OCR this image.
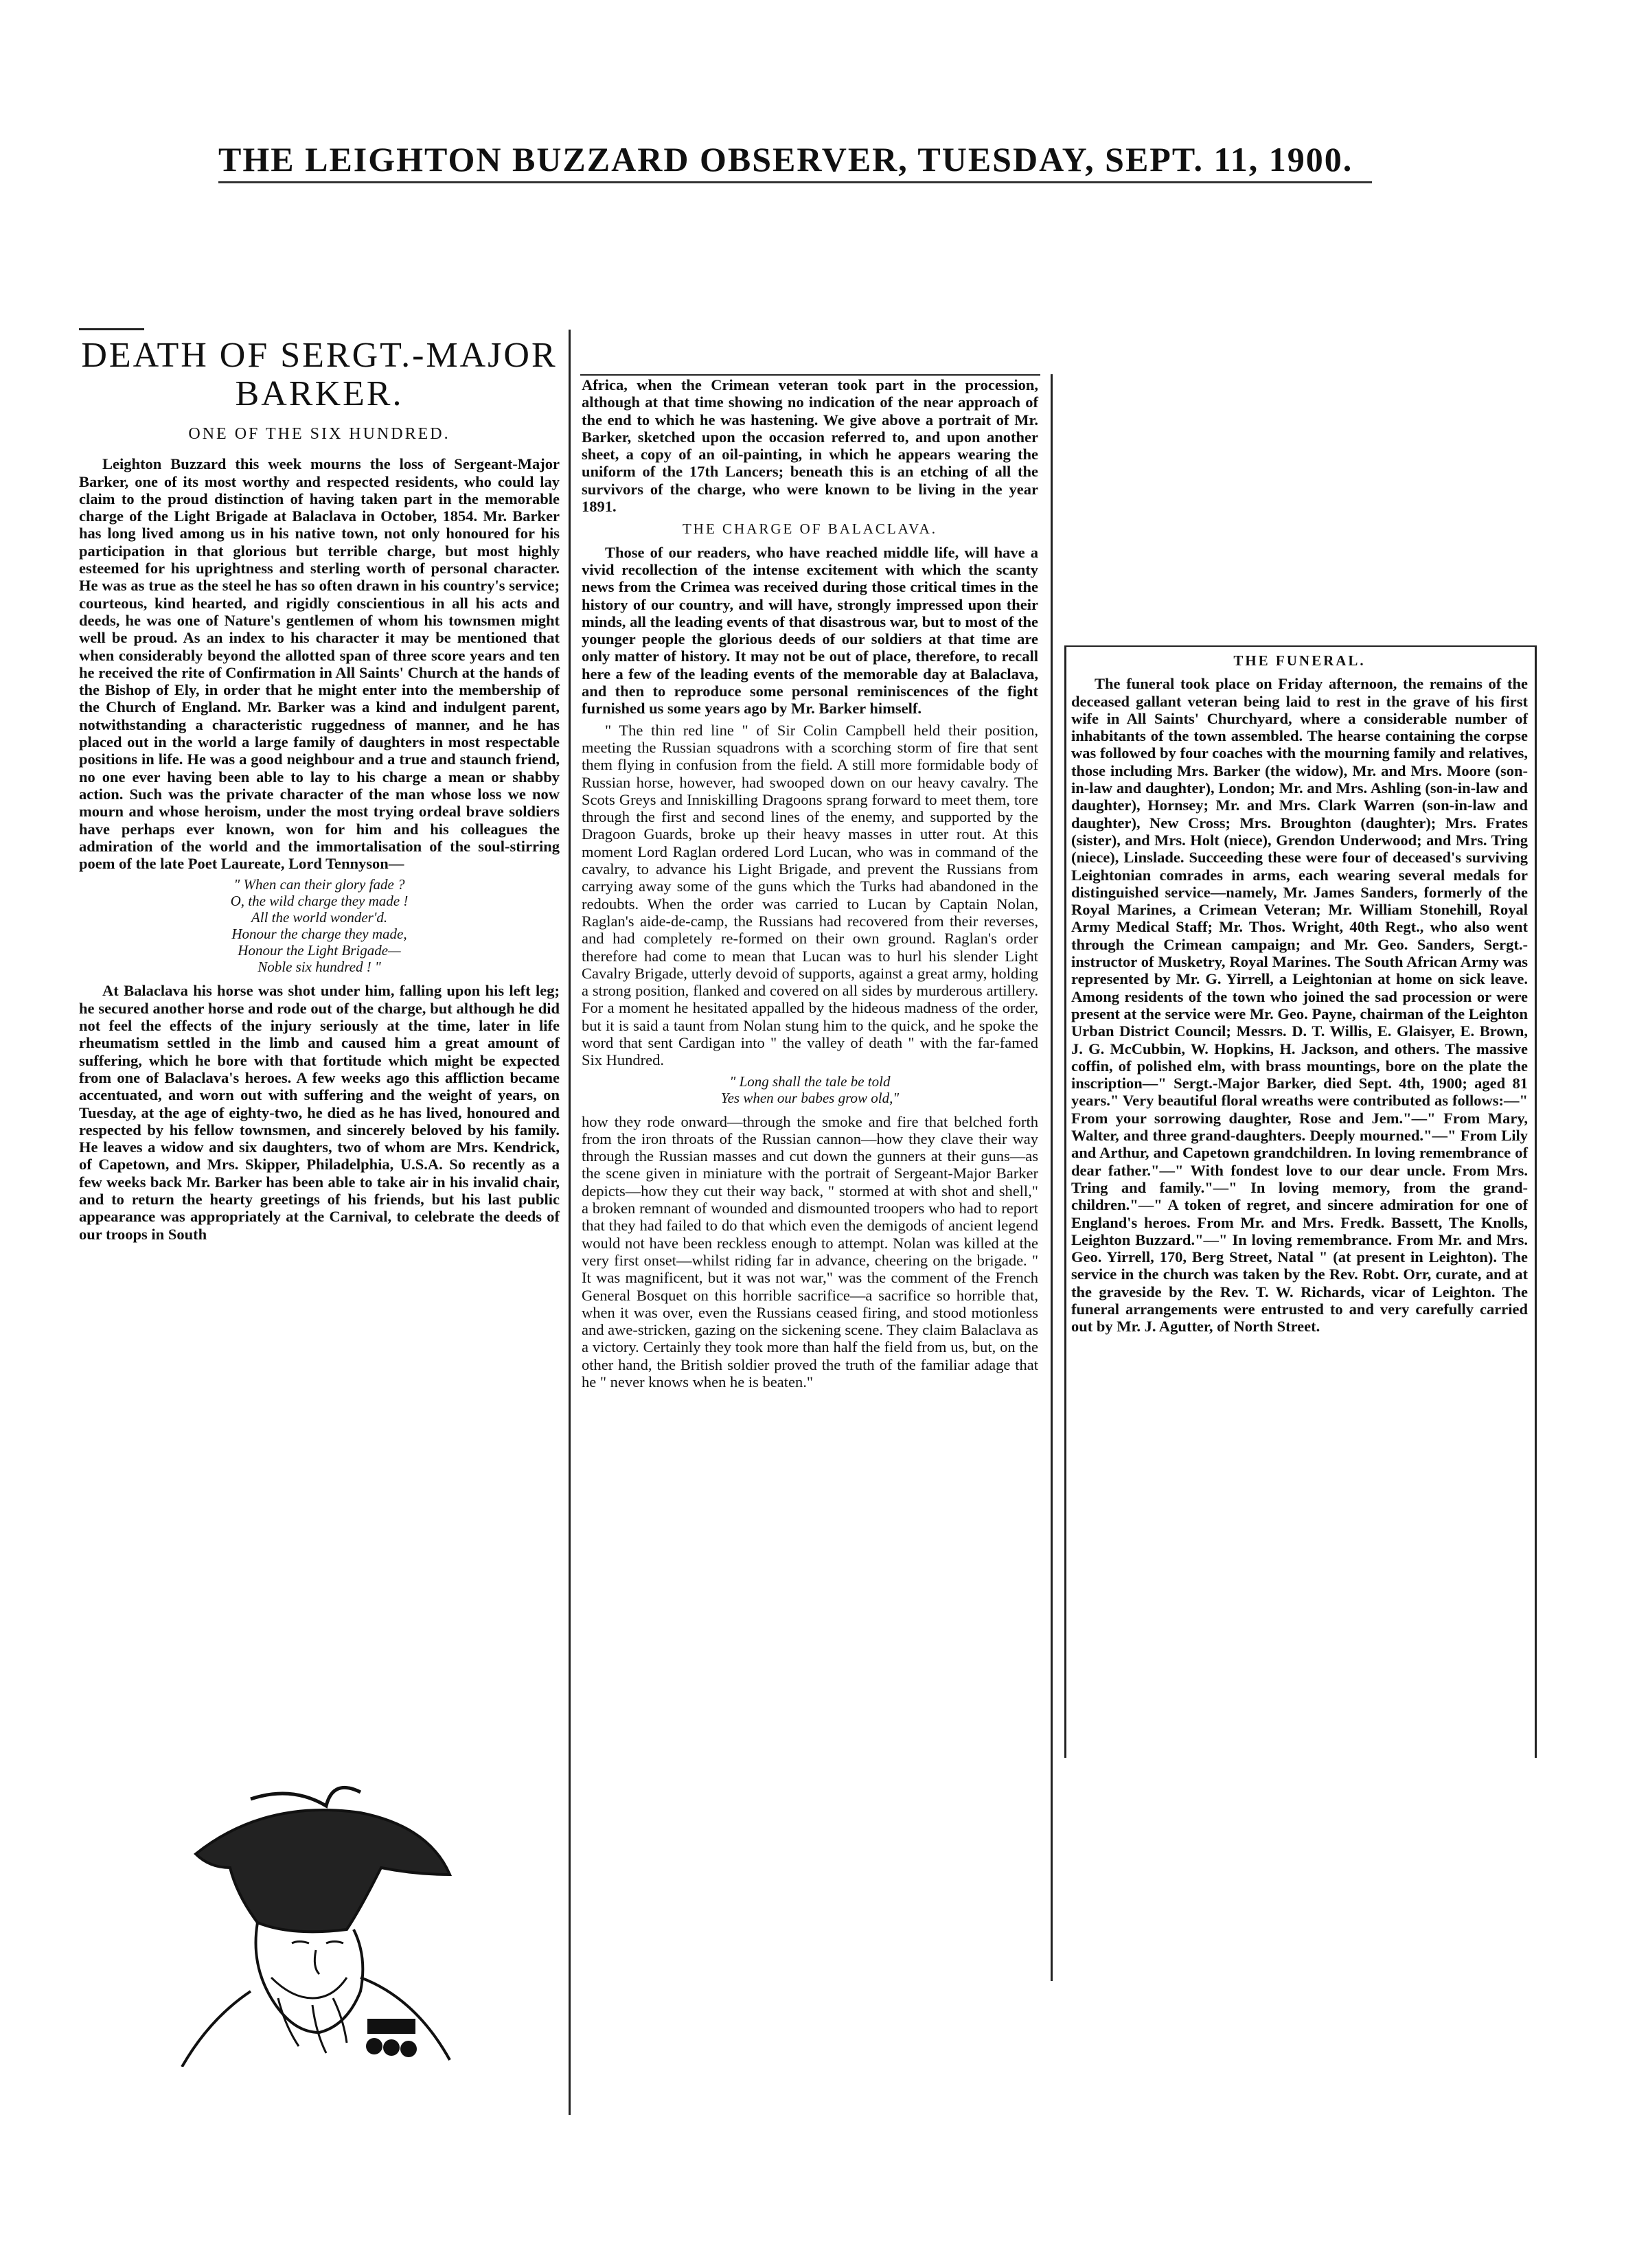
THE LEIGHTON BUZZARD OBSERVER, TUESDAY, SEPT. 11, 1900.
DEATH OF SERGT.-MAJOR
BARKER.
ONE OF THE SIX HUNDRED.

Leighton Buzzard this week mourns the loss of Sergeant-Major Barker, one of its most worthy and respected residents, who could lay claim to the proud distinction of having taken part in the memorable charge of the Light Brigade at Balaclava in October, 1854. Mr. Barker has long lived among us in his native town, not only honoured for his participation in that glorious but terrible charge, but most highly esteemed for his uprightness and sterling worth of personal character. He was as true as the steel he has so often drawn in his country's service; courteous, kind hearted, and rigidly conscientious in all his acts and deeds, he was one of Nature's gentlemen of whom his townsmen might well be proud. As an index to his character it may be mentioned that when considerably beyond the allotted span of three score years and ten he received the rite of Confirmation in All Saints' Church at the hands of the Bishop of Ely, in order that he might enter into the membership of the Church of England. Mr. Barker was a kind and indulgent parent, notwithstanding a characteristic ruggedness of manner, and he has placed out in the world a large family of daughters in most respectable positions in life. He was a good neighbour and a true and staunch friend, no one ever having been able to lay to his charge a mean or shabby action. Such was the private character of the man whose loss we now mourn and whose heroism, under the most trying ordeal brave soldiers have perhaps ever known, won for him and his colleagues the admiration of the world and the immortalisation of the soul-stirring poem of the late Poet Laureate, Lord Tennyson—

" When can their glory fade ?
O, the wild charge they made !
All the world wonder'd.
Honour the charge they made,
Honour the Light Brigade—
Noble six hundred ! "

At Balaclava his horse was shot under him, falling upon his left leg; he secured another horse and rode out of the charge, but although he did not feel the effects of the injury seriously at the time, later in life rheumatism settled in the limb and caused him a great amount of suffering, which he bore with that fortitude which might be expected from one of Balaclava's heroes. A few weeks ago this affliction became accentuated, and worn out with suffering and the weight of years, on Tuesday, at the age of eighty-two, he died as he has lived, honoured and respected by his fellow townsmen, and sincerely beloved by his family. He leaves a widow and six daughters, two of whom are Mrs. Kendrick, of Capetown, and Mrs. Skipper, Philadelphia, U.S.A. So recently as a few weeks back Mr. Barker has been able to take air in his invalid chair, and to return the hearty greetings of his friends, but his last public appearance was appropriately at the Carnival, to celebrate the deeds of our troops in South

Africa, when the Crimean veteran took part in the procession, although at that time showing no indication of the near approach of the end to which he was hastening. We give above a portrait of Mr. Barker, sketched upon the occasion referred to, and upon another sheet, a copy of an oil-painting, in which he appears wearing the uniform of the 17th Lancers; beneath this is an etching of all the survivors of the charge, who were known to be living in the year 1891.

THE CHARGE OF BALACLAVA.

Those of our readers, who have reached middle life, will have a vivid recollection of the intense excitement with which the scanty news from the Crimea was received during those critical times in the history of our country, and will have, strongly impressed upon their minds, all the leading events of that disastrous war, but to most of the younger people the glorious deeds of our soldiers at that time are only matter of history. It may not be out of place, therefore, to recall here a few of the leading events of the memorable day at Balaclava, and then to reproduce some personal reminiscences of the fight furnished us some years ago by Mr. Barker himself.

" The thin red line " of Sir Colin Campbell held their position, meeting the Russian squadrons with a scorching storm of fire that sent them flying in confusion from the field. A still more formidable body of Russian horse, however, had swooped down on our heavy cavalry. The Scots Greys and Inniskilling Dragoons sprang forward to meet them, tore through the first and second lines of the enemy, and supported by the Dragoon Guards, broke up their heavy masses in utter rout. At this moment Lord Raglan ordered Lord Lucan, who was in command of the cavalry, to advance his Light Brigade, and prevent the Russians from carrying away some of the guns which the Turks had abandoned in the redoubts. When the order was carried to Lucan by Captain Nolan, Raglan's aide-de-camp, the Russians had recovered from their reverses, and had completely re-formed on their own ground. Raglan's order therefore had come to mean that Lucan was to hurl his slender Light Cavalry Brigade, utterly devoid of supports, against a great army, holding a strong position, flanked and covered on all sides by murderous artillery. For a moment he hesitated appalled by the hideous madness of the order, but it is said a taunt from Nolan stung him to the quick, and he spoke the word that sent Cardigan into " the valley of death " with the far-famed Six Hundred.

" Long shall the tale be told
Yes when our babes grow old,"

how they rode onward—through the smoke and fire that belched forth from the iron throats of the Russian cannon—how they clave their way through the Russian masses and cut down the gunners at their guns—as the scene given in miniature with the portrait of Sergeant-Major Barker depicts—how they cut their way back, " stormed at with shot and shell," a broken remnant of wounded and dismounted troopers who had to report that they had failed to do that which even the demigods of ancient legend would not have been reckless enough to attempt. Nolan was killed at the very first onset—whilst riding far in advance, cheering on the brigade. " It was magnificent, but it was not war," was the comment of the French General Bosquet on this horrible sacrifice—a sacrifice so horrible that, when it was over, even the Russians ceased firing, and stood motionless and awe-stricken, gazing on the sickening scene. They claim Balaclava as a victory. Certainly they took more than half the field from us, but, on the other hand, the British soldier proved the truth of the familiar adage that he " never knows when he is beaten."

THE FUNERAL.

The funeral took place on Friday afternoon, the remains of the deceased gallant veteran being laid to rest in the grave of his first wife in All Saints' Churchyard, where a considerable number of inhabitants of the town assembled. The hearse containing the corpse was followed by four coaches with the mourning family and relatives, those including Mrs. Barker (the widow), Mr. and Mrs. Moore (son-in-law and daughter), London; Mr. and Mrs. Ashling (son-in-law and daughter), Hornsey; Mr. and Mrs. Clark Warren (son-in-law and daughter), New Cross; Mrs. Broughton (daughter); Mrs. Frates (sister), and Mrs. Holt (niece), Grendon Underwood; and Mrs. Tring (niece), Linslade. Succeeding these were four of deceased's surviving Leightonian comrades in arms, each wearing several medals for distinguished service—namely, Mr. James Sanders, formerly of the Royal Marines, a Crimean Veteran; Mr. William Stonehill, Royal Army Medical Staff; Mr. Thos. Wright, 40th Regt., who also went through the Crimean campaign; and Mr. Geo. Sanders, Sergt.-instructor of Musketry, Royal Marines. The South African Army was represented by Mr. G. Yirrell, a Leightonian at home on sick leave. Among residents of the town who joined the sad procession or were present at the service were Mr. Geo. Payne, chairman of the Leighton Urban District Council; Messrs. D. T. Willis, E. Glaisyer, E. Brown, J. G. McCubbin, W. Hopkins, H. Jackson, and others. The massive coffin, of polished elm, with brass mountings, bore on the plate the inscription—" Sergt.-Major Barker, died Sept. 4th, 1900; aged 81 years." Very beautiful floral wreaths were contributed as follows:—" From your sorrowing daughter, Rose and Jem."—" From Mary, Walter, and three grand-daughters. Deeply mourned."—" From Lily and Arthur, and Capetown grandchildren. In loving remembrance of dear father."—" With fondest love to our dear uncle. From Mrs. Tring and family."—" In loving memory, from the grand-children."—" A token of regret, and sincere admiration for one of England's heroes. From Mr. and Mrs. Fredk. Bassett, The Knolls, Leighton Buzzard."—" In loving remembrance. From Mr. and Mrs. Geo. Yirrell, 170, Berg Street, Natal " (at present in Leighton). The service in the church was taken by the Rev. Robt. Orr, curate, and at the graveside by the Rev. T. W. Richards, vicar of Leighton. The funeral arrangements were entrusted to and very carefully carried out by Mr. J. Agutter, of North Street.
